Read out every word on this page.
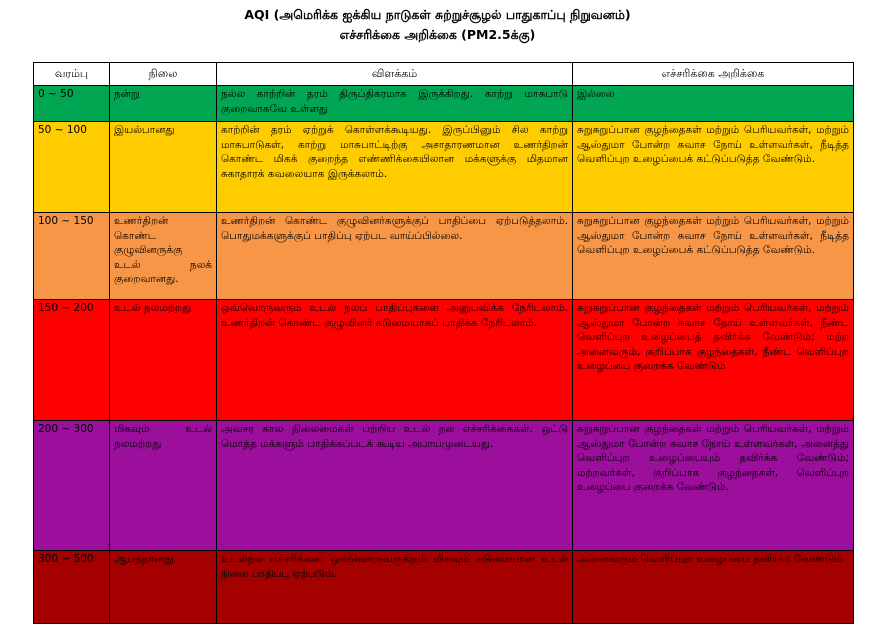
AQI (அமெரிக்க ஐக்கிய நாடுகள் சுற்றுச்சூழல் பாதுகாப்பு நிறுவனம்)
எச்சரிக்கை அறிக்கை (PM2.5க்கு)
வரம்பு	நிலை	விளக்கம்	எச்சரிக்கை அறிக்கை
0 ~ 50	நன்று	நல்ல காற்றின் தரம் திருப்திகரமாக இருக்கிறது. காற்று மாசுபாடு குறைவாகவே உள்ளது	இல்லை
50 ~ 100	இயல்பானது	காற்றின் தரம் ஏற்றுக் கொள்ளக்கூடியது. இருப்பினும் சில காற்று மாசுபாடுகள், காற்று மாசுபாட்டிற்கு அசாதாரணமான உணர்திறன் கொண்ட மிகக் குறைந்த எண்ணிக்கையிலான மக்களுக்கு மிதமான சுகாதாரக் கவலையாக இருக்கலாம்.	சுறுசுறுப்பான குழந்தைகள் மற்றும் பெரியவர்கள், மற்றும் ஆஸ்துமா போன்ற சுவாச நோய் உள்ளவர்கள், நீடித்த வெளிப்புற உழைப்பைக் கட்டுப்படுத்த வேண்டும்.
100 ~ 150	உணர்திறன் கொண்ட குழுவினருக்கு உடல் நலக் குறைவானது.	உணர்திறன் கொண்ட குழுவினர்களுக்குப் பாதிப்பை ஏற்படுத்தலாம். பொதுமக்களுக்குப் பாதிப்பு ஏற்பட வாய்ப்பில்லை.	சுறுசுறுப்பான குழந்தைகள் மற்றும் பெரியவர்கள், மற்றும் ஆஸ்துமா போன்ற சுவாச நோய் உள்ளவர்கள், நீடித்த வெளிப்புற உழைப்பைக் கட்டுப்படுத்த வேண்டும்.
150 ~ 200	உடல் நலமற்றது	ஒவ்வொருவரும் உடல் நலப் பாதிப்புகளை அனுபவிக்க நேரிடலாம். உணர்திறன் கொண்ட குழுவினர் கடுமையாகப் பாதிக்க நேரிடலாம்.	சுறுசுறுப்பான குழந்தைகள் மற்றும் பெரியவர்கள், மற்றும் ஆஸ்துமா போன்ற சுவாச நோய் உள்ளவர்கள், நீண்ட வெளிப்புற உழைப்பைத் தவிர்க்க வேண்டும்; மற்ற அனைவரும், குறிப்பாக குழந்தைகள், நீண்ட வெளிப்புற உழைப்பை குறைக்க வேண்டும்
200 ~ 300	மிகவும் உடல் நலமற்றது	அவசர கால நிலைமைகள் பற்றிய உடல் நல எச்சரிக்கைகள். ஒட்டு மொத்த மக்களும் பாதிக்கப்படக் கூடிய அபாயமுடையது.	சுறுசுறுப்பான குழந்தைகள் மற்றும் பெரியவர்கள், மற்றும் ஆஸ்துமா போன்ற சுவாச நோய் உள்ளவர்கள், அனைத்து வெளிப்புற உழைப்பையும் தவிர்க்க வேண்டும்; மற்றவர்கள், குறிப்பாக குழந்தைகள், வெளிப்புற உழைப்பை குறைக்க வேண்டும்.
300 ~ 500	ஆபத்தானது	உடல்நல எச்சரிக்கை: ஒவ்வொருவருக்கும் மிகவும் கடுமையான உடல் நிலை பாதிப்பு ஏற்படும்.	அனைவரும் வெளிப்புற உழைப்பை தவிர்க்க வேண்டும்
